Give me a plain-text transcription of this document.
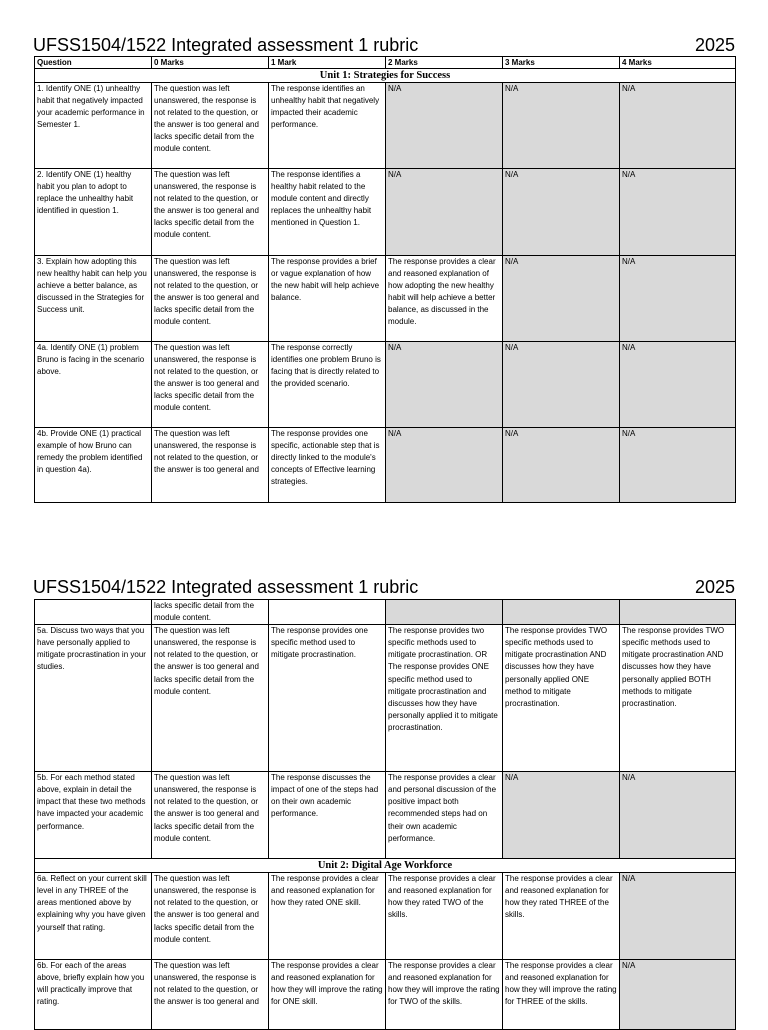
UFSS1504/1522 Integrated assessment 1 rubric	2025
Question	0 Marks	1 Mark	2 Marks	3 Marks	4 Marks
Unit 1: Strategies for Success					
1. Identify ONE (1) unhealthy habit that negatively impacted your academic performance in Semester 1.	The question was left unanswered, the response is not related to the question, or the answer is too general and lacks specific detail from the module content.	The response identifies an unhealthy habit that negatively impacted their academic performance.	N/A	N/A	N/A
2. Identify ONE (1) healthy habit you plan to adopt to replace the unhealthy habit identified in question 1.	The question was left unanswered, the response is not related to the question, or the answer is too general and lacks specific detail from the module content.	The response identifies a healthy habit related to the module content and directly replaces the unhealthy habit mentioned in Question 1.	N/A	N/A	N/A
3. Explain how adopting this new healthy habit can help you achieve a better balance, as discussed in the Strategies for Success unit.	The question was left unanswered, the response is not related to the question, or the answer is too general and lacks specific detail from the module content.	The response provides a brief or vague explanation of how the new habit will help achieve balance.	The response provides a clear and reasoned explanation of how adopting the new healthy habit will help achieve a better balance, as discussed in the module.	N/A	N/A
4a. Identify ONE (1) problem Bruno is facing in the scenario above.	The question was left unanswered, the response is not related to the question, or the answer is too general and lacks specific detail from the module content.	The response correctly identifies one problem Bruno is facing that is directly related to the provided scenario.	N/A	N/A	N/A
4b. Provide ONE (1) practical example of how Bruno can remedy the problem identified in question 4a).	The question was left unanswered, the response is not related to the question, or the answer is too general and	The response provides one specific, actionable step that is directly linked to the module's concepts of Effective learning strategies.	N/A	N/A	N/A
UFSS1504/1522 Integrated assessment 1 rubric	2025
	lacks specific detail from the module content.				
5a. Discuss two ways that you have personally applied to mitigate procrastination in your studies.	The question was left unanswered, the response is not related to the question, or the answer is too general and lacks specific detail from the module content.	The response provides one specific method used to mitigate procrastination.	The response provides two specific methods used to mitigate procrastination. OR The response provides ONE specific method used to mitigate procrastination and discusses how they have personally applied it to mitigate procrastination.	The response provides TWO specific methods used to mitigate procrastination AND discusses how they have personally applied ONE method to mitigate procrastination.	The response provides TWO specific methods used to mitigate procrastination AND discusses how they have personally applied BOTH methods to mitigate procrastination.
5b. For each method stated above, explain in detail the impact that these two methods have impacted your academic performance.	The question was left unanswered, the response is not related to the question, or the answer is too general and lacks specific detail from the module content.	The response discusses the impact of one of the steps had on their own academic performance.	The response provides a clear and personal discussion of the positive impact both recommended steps had on their own academic performance.	N/A	N/A
Unit 2: Digital Age Workforce					
6a. Reflect on your current skill level in any THREE of the areas mentioned above by explaining why you have given yourself that rating.	The question was left unanswered, the response is not related to the question, or the answer is too general and lacks specific detail from the module content.	The response provides a clear and reasoned explanation for how they rated ONE skill.	The response provides a clear and reasoned explanation for how they rated TWO of the skills.	The response provides a clear and reasoned explanation for how they rated THREE of the skills.	N/A
6b. For each of the areas above, briefly explain how you will practically improve that rating.	The question was left unanswered, the response is not related to the question, or the answer is too general and	The response provides a clear and reasoned explanation for how they will improve the rating for ONE skill.	The response provides a clear and reasoned explanation for how they will improve the rating for TWO of the skills.	The response provides a clear and reasoned explanation for how they will improve the rating for THREE of the skills.	N/A
